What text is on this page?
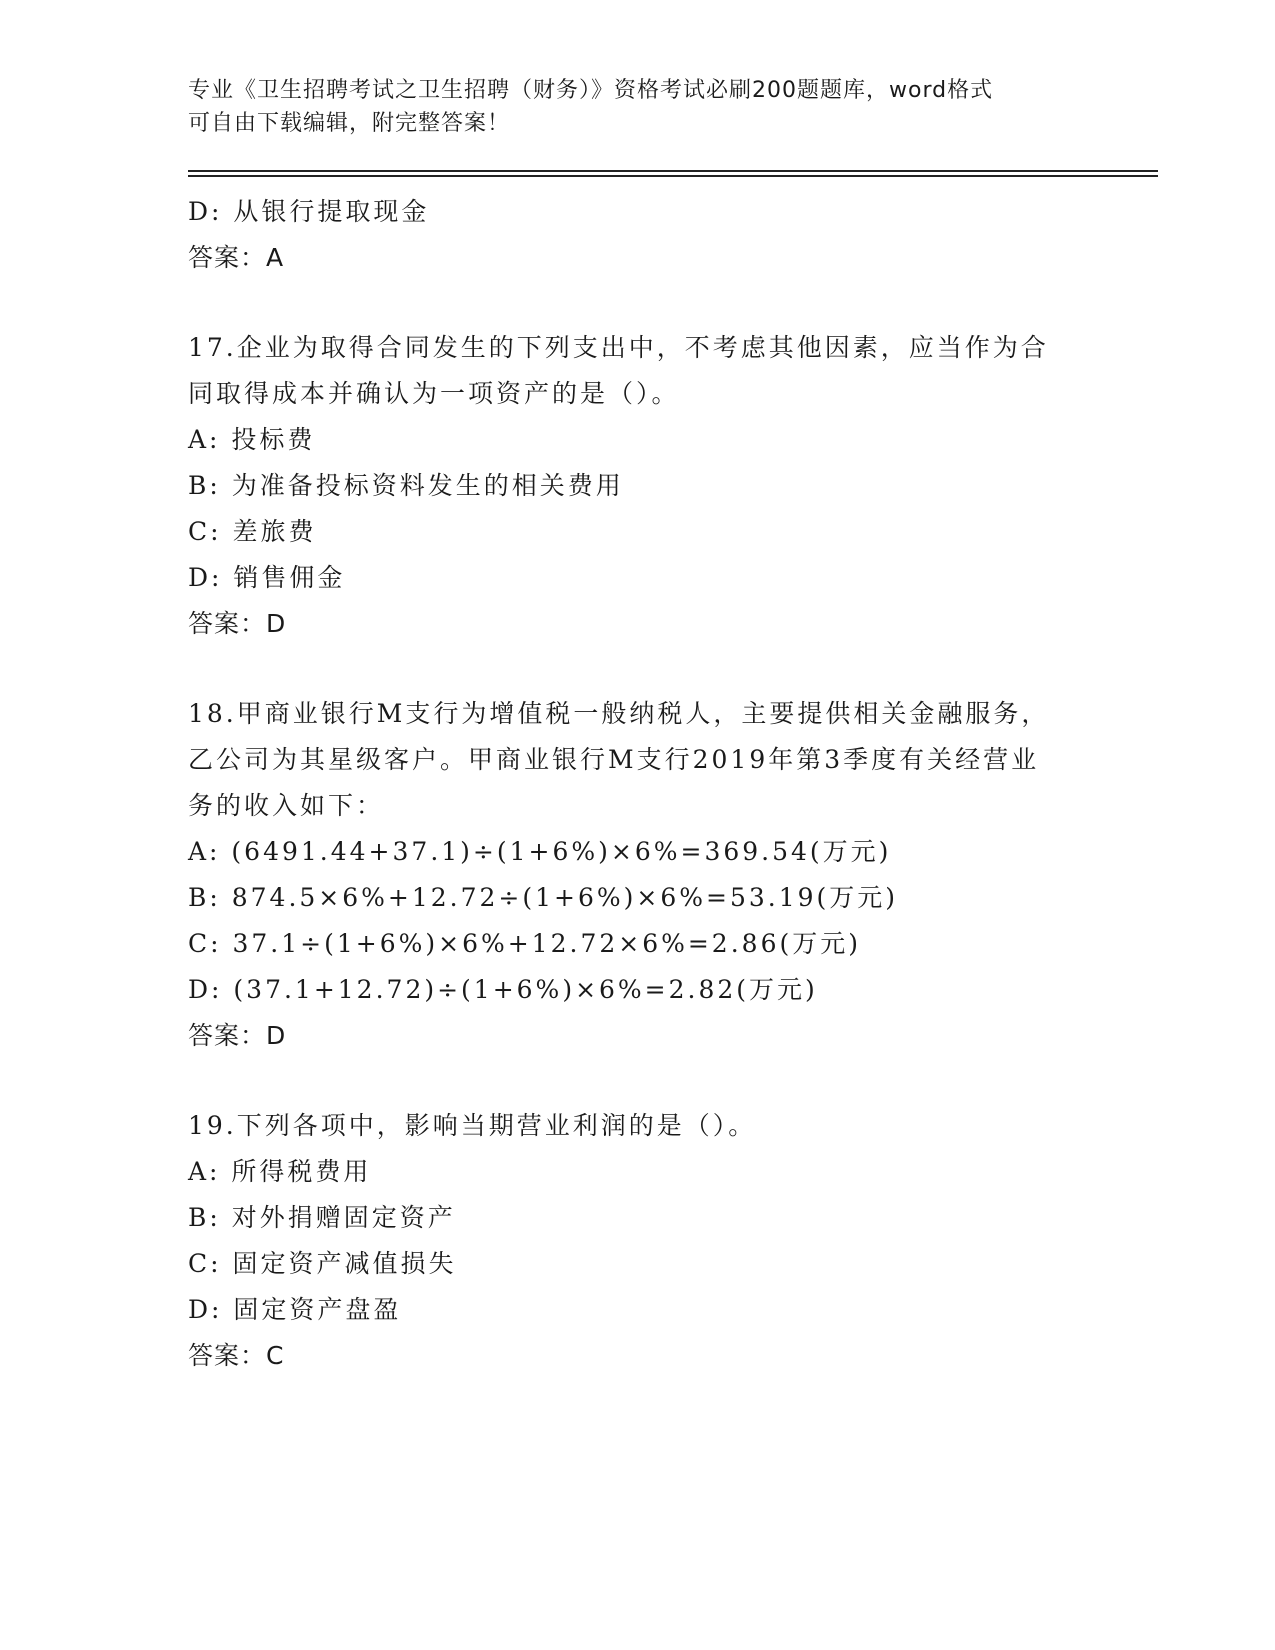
专业《卫生招聘考试之卫生招聘（财务）》资格考试必刷200题题库，word格式
可自由下载编辑，附完整答案！
D: 从银行提取现金
答案：A
17.企业为取得合同发生的下列支出中，不考虑其他因素，应当作为合
同取得成本并确认为一项资产的是（）。
A: 投标费
B: 为准备投标资料发生的相关费用
C: 差旅费
D: 销售佣金
答案：D
18.甲商业银行M支行为增值税一般纳税人，主要提供相关金融服务，
乙公司为其星级客户。甲商业银行M支行2019年第3季度有关经营业
务的收入如下：
A: (6491.44+37.1)÷(1+6%)×6%=369.54(万元)
B: 874.5×6%+12.72÷(1+6%)×6%=53.19(万元)
C: 37.1÷(1+6%)×6%+12.72×6%=2.86(万元)
D: (37.1+12.72)÷(1+6%)×6%=2.82(万元)
答案：D
19.下列各项中，影响当期营业利润的是（）。
A: 所得税费用
B: 对外捐赠固定资产
C: 固定资产减值损失
D: 固定资产盘盈
答案：C
